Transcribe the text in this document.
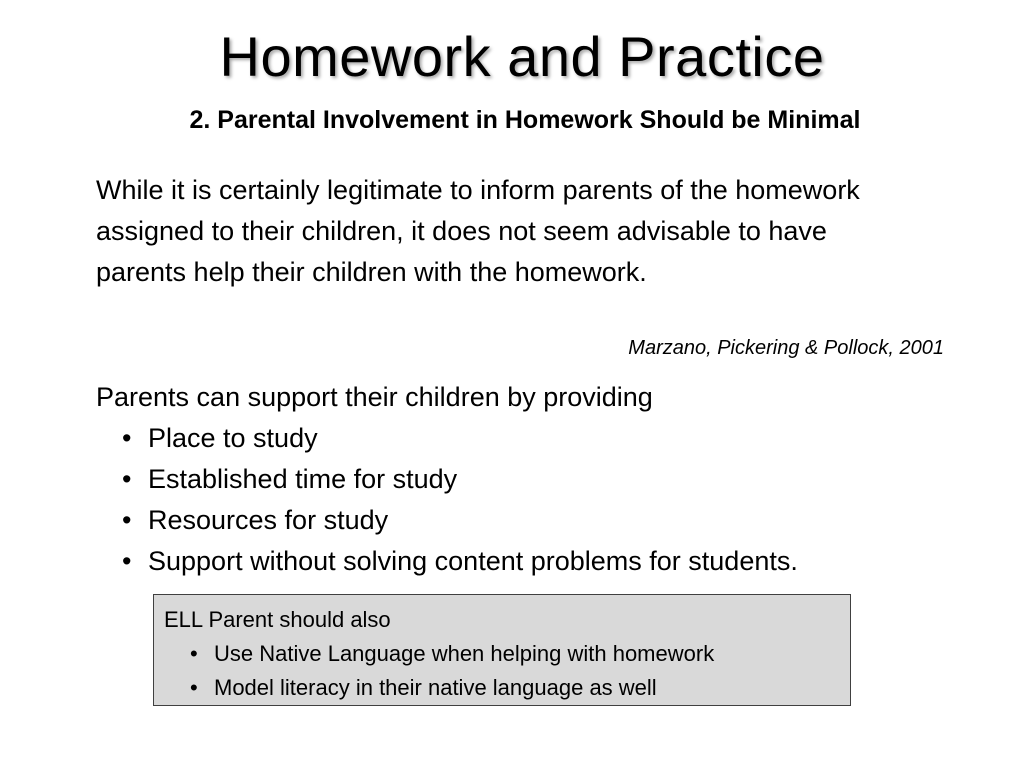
Homework and Practice
2. Parental Involvement in Homework Should be Minimal
While it is certainly legitimate to inform parents of the homework assigned to their children, it does not seem advisable to have parents help their children with the homework.
Marzano, Pickering & Pollock, 2001
Parents can support their children by providing
• Place to study
• Established time for study
• Resources for study
• Support without solving content problems for students.
ELL Parent should also
• Use Native Language when helping with homework
• Model literacy in their native language as well
